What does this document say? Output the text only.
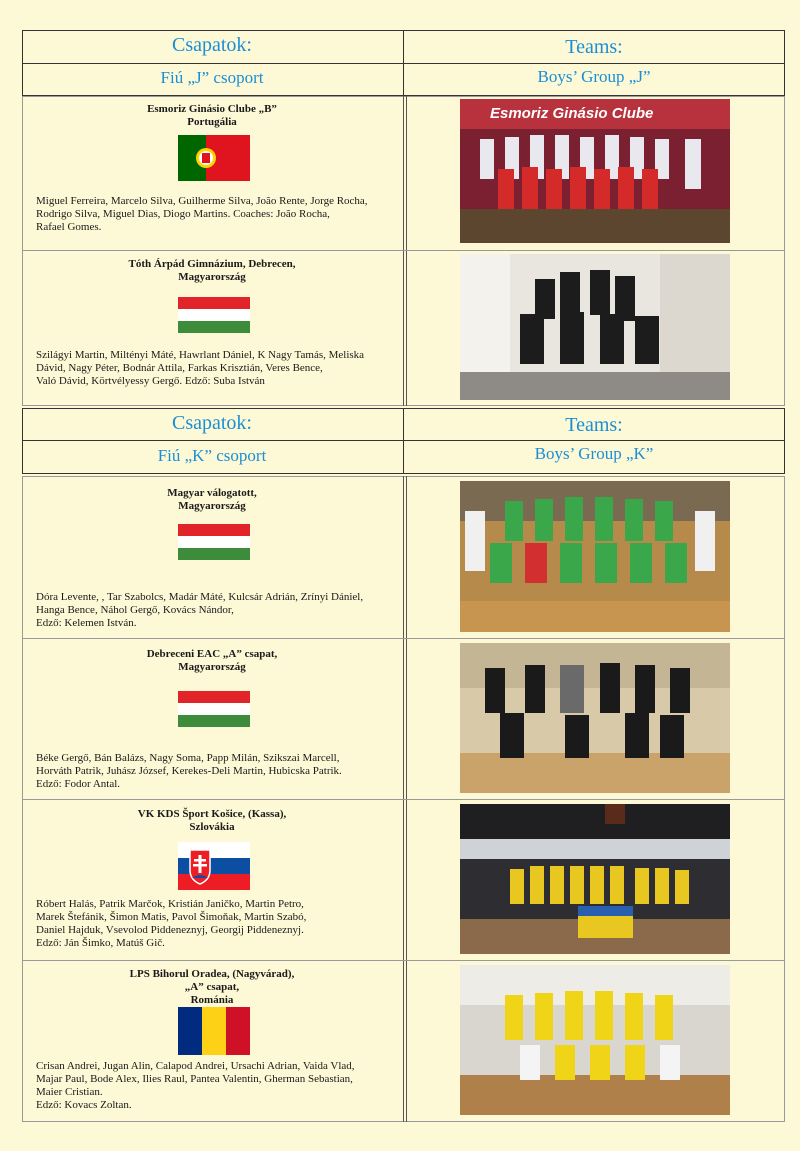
Csapatok:	Teams:
Fiú „J” csoport	Boys’ Group „J”
Esmoriz Ginásio Clube „B”
Portugália
Miguel Ferreira, Marcelo Silva, Guilherme Silva, João Rente, Jorge Rocha,
Rodrigo Silva, Miguel Dias, Diogo Martins. Coaches: João Rocha,
Rafael Gomes.
Esmoriz Ginásio Clube
Tóth Árpád Gimnázium, Debrecen,
Magyarország
Szilágyi Martin, Miltényi Máté, Hawrlant Dániel, K Nagy Tamás, Meliska
Dávid, Nagy Péter, Bodnár Attila, Farkas Krisztián, Veres Bence,
Való Dávid, Körtvélyessy Gergő. Edző: Suba István
Csapatok:	Teams:
Fiú „K” csoport	Boys’ Group „K”
Magyar válogatott,
Magyarország
Dóra Levente, , Tar Szabolcs, Madár Máté, Kulcsár Adrián, Zrínyi Dániel,
Hanga Bence, Náhol Gergő, Kovács Nándor,
Edző: Kelemen István.
Debreceni EAC „A” csapat,
Magyarország
Béke Gergő, Bán Balázs, Nagy Soma, Papp Milán, Szikszai Marcell,
Horváth Patrik, Juhász József, Kerekes-Deli Martin, Hubicska Patrik.
Edző: Fodor Antal.
VK KDS Šport Košice, (Kassa),
Szlovákia
Róbert Halás, Patrik Marčok, Kristián Janičko, Martin Petro,
Marek Štefánik, Šimon Matis, Pavol Šimoňak, Martin Szabó,
Daniel Hajduk, Vsevolod Piddeneznyj, Georgij Piddeneznyj.
Edző: Ján Šimko, Matúš Gič.
LPS Bihorul Oradea, (Nagyvárad),
„A” csapat,
Románia
Crisan Andrei, Jugan Alin, Calapod Andrei, Ursachi Adrian, Vaida Vlad,
Majar Paul, Bode Alex, Ilies Raul, Pantea Valentin, Gherman Sebastian,
Maier Cristian.
Edző: Kovacs Zoltan.
